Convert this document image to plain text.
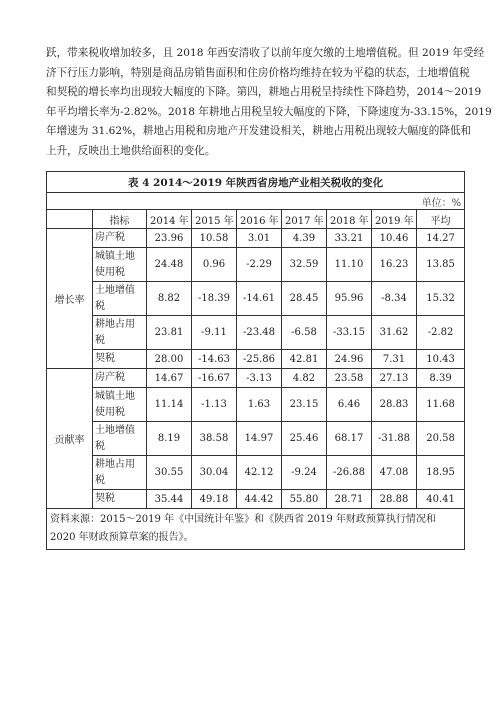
跃，带来税收增加较多，且 2018 年西安清收了以前年度欠缴的土地增值税。但 2019 年受经
济下行压力影响，特别是商品房销售面积和住房价格均维持在较为平稳的状态，土地增值税
和契税的增长率均出现较大幅度的下降。第四，耕地占用税呈持续性下降趋势，2014～2019
年平均增长率为-2.82%。2018 年耕地占用税呈较大幅度的下降，下降速度为-33.15%，2019
年增速为 31.62%，耕地占用税和房地产开发建设相关，耕地占用税出现较大幅度的降低和
上升，反映出土地供给面积的变化。
表 4 2014～2019 年陕西省房地产业相关税收的变化								
单位：%								
	指标	2014 年	2015 年	2016 年	2017 年	2018 年	2019 年	平均
增长率	房产税	23.96	10.58	3.01	4.39	33.21	10.46	14.27
	城镇土地使用税	24.48	0.96	-2.29	32.59	11.10	16.23	13.85
	土地增值税	8.82	-18.39	-14.61	28.45	95.96	-8.34	15.32
	耕地占用税	23.81	-9.11	-23.48	-6.58	-33.15	31.62	-2.82
	契税	28.00	-14.63	-25.86	42.81	24.96	7.31	10.43
贡献率	房产税	14.67	-16.67	-3.13	4.82	23.58	27.13	8.39
	城镇土地使用税	11.14	-1.13	1.63	23.15	6.46	28.83	11.68
	土地增值税	8.19	38.58	14.97	25.46	68.17	-31.88	20.58
	耕地占用税	30.55	30.04	42.12	-9.24	-26.88	47.08	18.95
	契税	35.44	49.18	44.42	55.80	28.71	28.88	40.41
资料来源：2015～2019 年《中国统计年鉴》和《陕西省 2019 年财政预算执行情况和 2020 年财政预算草案的报告》。								
